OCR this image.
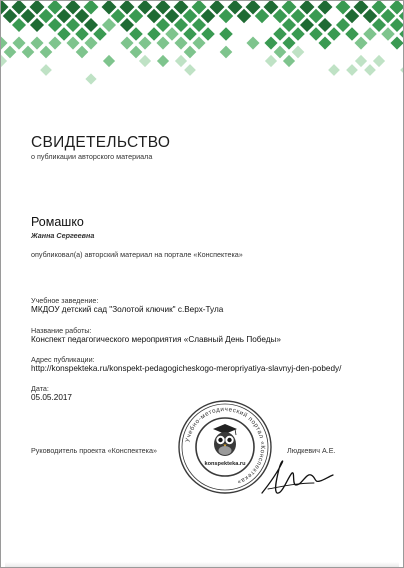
СВИДЕТЕЛЬСТВО
о публикации авторского материала
Ромашко
Жанна Сергеевна
опубликовал(а) авторский материал на портале «Конспектека»
Учебное заведение:
МКДОУ детский сад "Золотой ключик" с.Верх-Тула
Название работы:
Конспект педагогического мероприятия «Славный День Победы»
Адрес публикации:
http://konspekteka.ru/konspekt-pedagogicheskogo-meropriyatiya-slavnyj-den-pobedy/
Дата:
05.05.2017
Руководитель проекта «Конспектека»	Людкевич А.Е.
Учебно-методический портал «Конспектека»
konspekteka.ru
